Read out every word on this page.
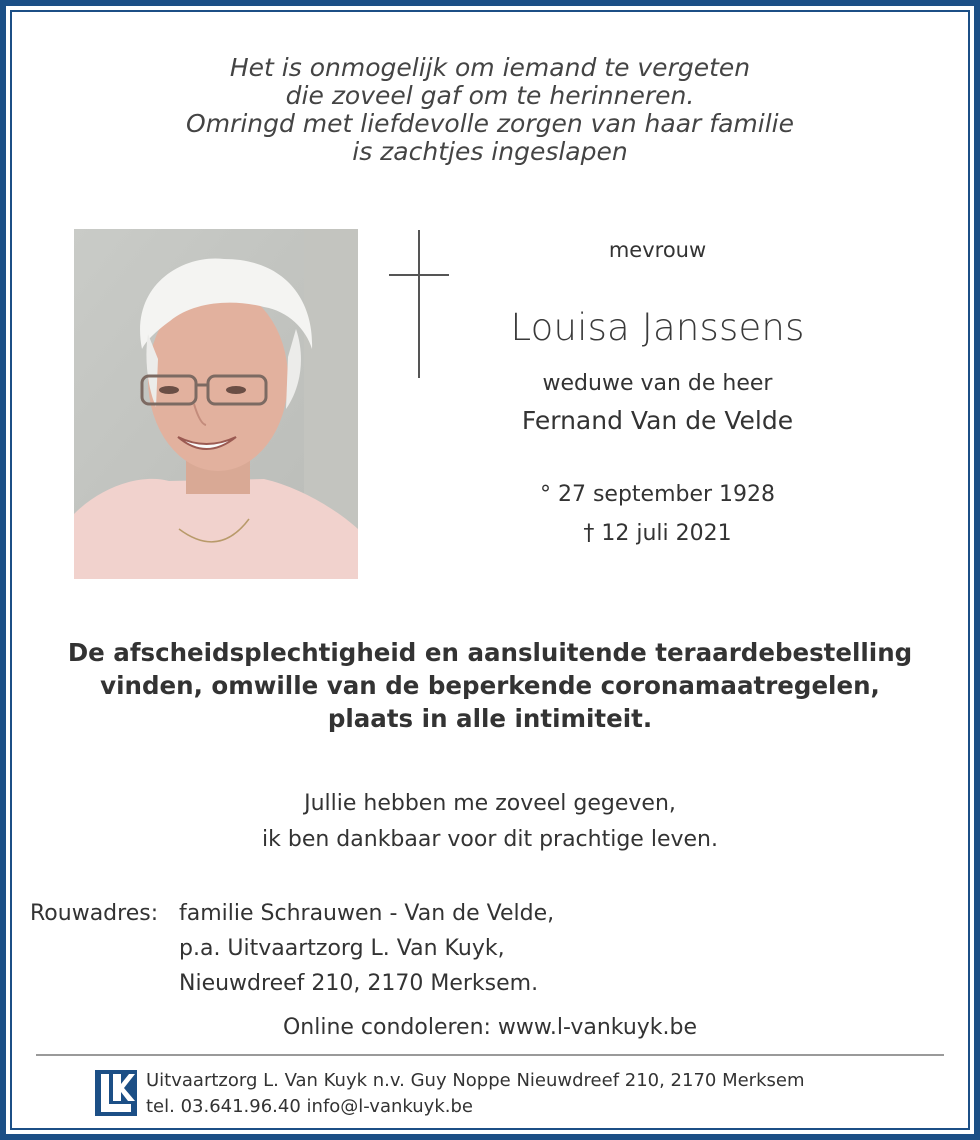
Het is onmogelijk om iemand te vergeten
die zoveel gaf om te herinneren.
Omringd met liefdevolle zorgen van haar familie
is zachtjes ingeslapen
mevrouw
Louisa Janssens
weduwe van de heer
Fernand Van de Velde
° 27 september 1928
† 12 juli 2021
De afscheidsplechtigheid en aansluitende teraardebestelling
vinden, omwille van de beperkende coronamaatregelen,
plaats in alle intimiteit.
Jullie hebben me zoveel gegeven,
ik ben dankbaar voor dit prachtige leven.
Rouwadres: familie Schrauwen - Van de Velde,
p.a. Uitvaartzorg L. Van Kuyk,
Nieuwdreef 210, 2170 Merksem.
Online condoleren: www.l-vankuyk.be
Uitvaartzorg L. Van Kuyk n.v. Guy Noppe Nieuwdreef 210, 2170 Merksem
tel. 03.641.96.40 info@l-vankuyk.be
